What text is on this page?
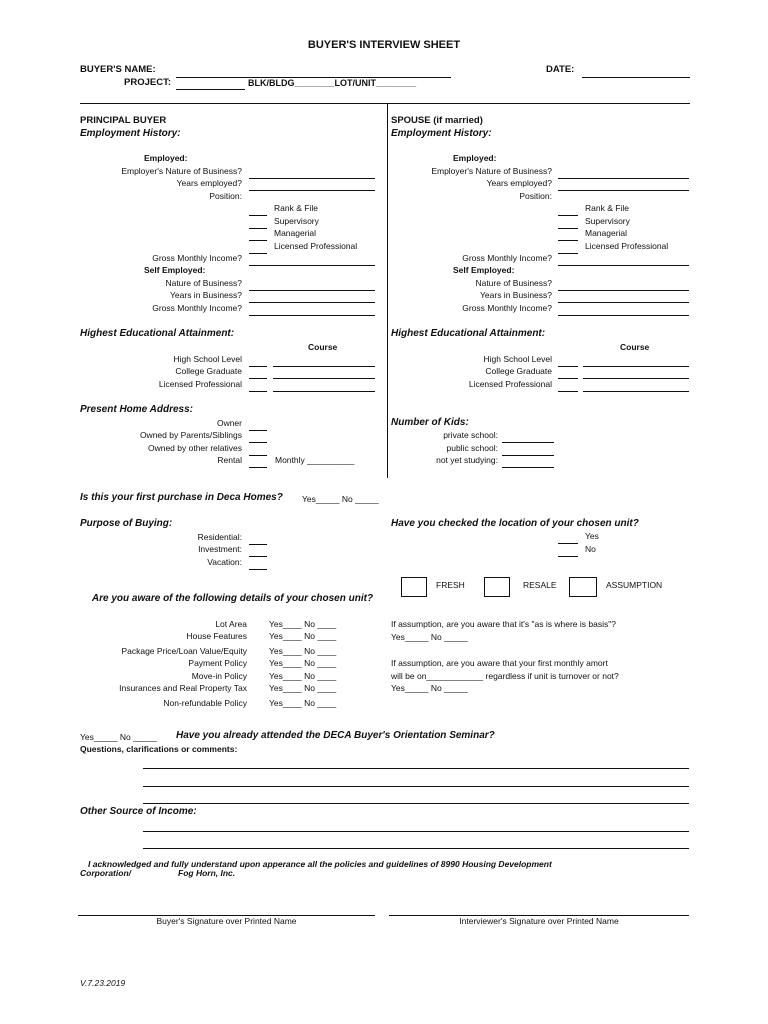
BUYER'S INTERVIEW SHEET
BUYER'S NAME:
PROJECT:	BLK/BLDG________LOT/UNIT________
DATE:
PRINCIPAL BUYER
Employment History:
Employed:
Employer's Nature of Business?
Years employed?
Position:
Rank & File
Supervisory
Managerial
Licensed Professional
Gross Monthly Income?
Self Employed:
Nature of Business?
Years in Business?
Gross Monthly Income?
SPOUSE (if married)
Employment History:
Employed:
Employer's Nature of Business?
Years employed?
Position:
Rank & File
Supervisory
Managerial
Licensed Professional
Gross Monthly Income?
Self Employed:
Nature of Business?
Years in Business?
Gross Monthly Income?
Highest Educational Attainment:
Course
High School Level
College Graduate
Licensed Professional
Highest Educational Attainment:
Course
High School Level
College Graduate
Licensed Professional
Present Home Address:
Owner
Owned by Parents/Siblings
Owned by other relatives
Rental	Monthly __________
Number of Kids:
private school:
public school:
not yet studying:
Is this your first purchase in Deca Homes? Yes_____ No _____
Purpose of Buying:
Residential:
Investment:
Vacation:
Have you checked the location of your chosen unit?
Yes
No
FRESH	RESALE	ASSUMPTION
Are you aware of the following details of your chosen unit?
Lot Area	Yes____ No ____
House Features	Yes____ No ____
Package Price/Loan Value/Equity	Yes____ No ____
Payment Policy	Yes____ No ____
Move-in Policy	Yes____ No ____
Insurances and Real Property Tax	Yes____ No ____
Non-refundable Policy	Yes____ No ____
If assumption, are you aware that it's "as is where is basis"?
Yes_____ No _____
If assumption, are you aware that your first monthly amort
will be on____________ regardless if unit is turnover or not?
Yes_____ No _____
Yes_____ No _____ Have you already attended the DECA Buyer's Orientation Seminar?
Questions, clarifications or comments:
Other Source of Income:
I acknowledged and fully understand upon apperance all the policies and guidelines of 8990 Housing Development
Corporation/	Fog Horn, Inc.
Buyer's Signature over Printed Name	Interviewer's Signature over Printed Name
V.7.23.2019
